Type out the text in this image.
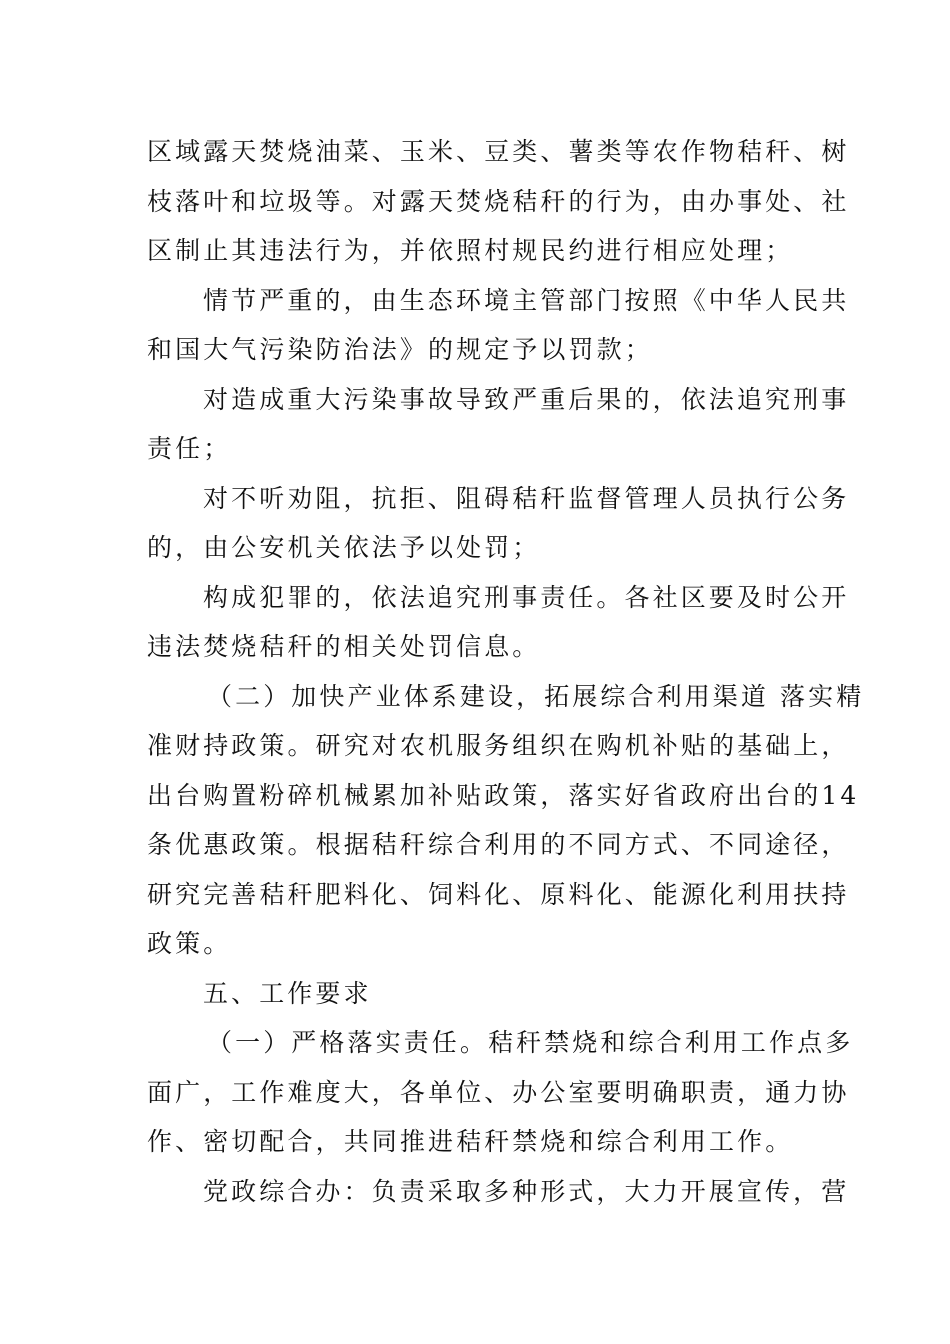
区域露天焚烧油菜、玉米、豆类、薯类等农作物秸秆、树
枝落叶和垃圾等。对露天焚烧秸秆的行为，由办事处、社
区制止其违法行为，并依照村规民约进行相应处理；

情节严重的，由生态环境主管部门按照《中华人民共
和国大气污染防治法》的规定予以罚款；

对造成重大污染事故导致严重后果的，依法追究刑事
责任；

对不听劝阻，抗拒、阻碍秸秆监督管理人员执行公务
的，由公安机关依法予以处罚；

构成犯罪的，依法追究刑事责任。各社区要及时公开
违法焚烧秸秆的相关处罚信息。

（二）加快产业体系建设，拓展综合利用渠道 落实精
准财持政策。研究对农机服务组织在购机补贴的基础上，
出台购置粉碎机械累加补贴政策，落实好省政府出台的14
条优惠政策。根据秸秆综合利用的不同方式、不同途径，
研究完善秸秆肥料化、饲料化、原料化、能源化利用扶持
政策。

五、工作要求

（一）严格落实责任。秸秆禁烧和综合利用工作点多
面广，工作难度大，各单位、办公室要明确职责，通力协
作、密切配合，共同推进秸秆禁烧和综合利用工作。

党政综合办：负责采取多种形式，大力开展宣传，营
